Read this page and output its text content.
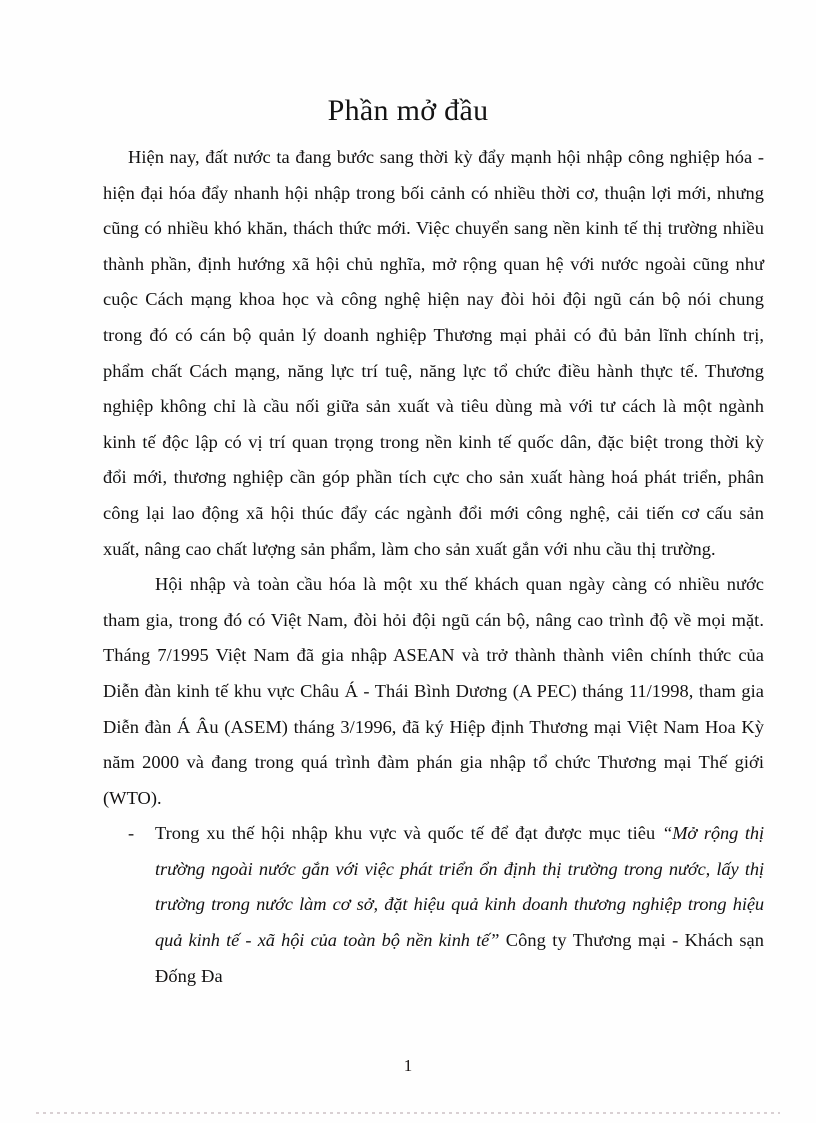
Phần mở đầu

Hiện nay, đất nước ta đang bước sang thời kỳ đẩy mạnh hội nhập công nghiệp hóa - hiện đại hóa đẩy nhanh hội nhập trong bối cảnh có nhiều thời cơ, thuận lợi mới, nhưng cũng có nhiều khó khăn, thách thức mới. Việc chuyển sang nền kinh tế thị trường nhiều thành phần, định hướng xã hội chủ nghĩa, mở rộng quan hệ với nước ngoài cũng như cuộc Cách mạng khoa học và công nghệ hiện nay đòi hỏi đội ngũ cán bộ nói chung trong đó có cán bộ quản lý doanh nghiệp Thương mại phải có đủ bản lĩnh chính trị, phẩm chất Cách mạng, năng lực trí tuệ, năng lực tổ chức điều hành thực tế. Thương nghiệp không chỉ là cầu nối giữa sản xuất và tiêu dùng mà với tư cách là một ngành kinh tế độc lập có vị trí quan trọng trong nền kinh tế quốc dân, đặc biệt trong thời kỳ đổi mới, thương nghiệp cần góp phần tích cực cho sản xuất hàng hoá phát triển, phân công lại lao động xã hội thúc đẩy các ngành đổi mới công nghệ, cải tiến cơ cấu sản xuất, nâng cao chất lượng sản phẩm, làm cho sản xuất gắn với nhu cầu thị trường.

Hội nhập và toàn cầu hóa là một xu thế khách quan ngày càng có nhiều nước tham gia, trong đó có Việt Nam, đòi hỏi đội ngũ cán bộ, nâng cao trình độ về mọi mặt. Tháng 7/1995 Việt Nam đã gia nhập ASEAN và trở thành thành viên chính thức của Diễn đàn kinh tế khu vực Châu Á - Thái Bình Dương (A PEC) tháng 11/1998, tham gia Diễn đàn Á Âu (ASEM) tháng 3/1996, đã ký Hiệp định Thương mại Việt Nam Hoa Kỳ năm 2000 và đang trong quá trình đàm phán gia nhập tổ chức Thương mại Thế giới (WTO).

- Trong xu thế hội nhập khu vực và quốc tế để đạt được mục tiêu “Mở rộng thị trường ngoài nước gắn với việc phát triển ổn định thị trường trong nước, lấy thị trường trong nước làm cơ sở, đặt hiệu quả kinh doanh thương nghiệp trong hiệu quả kinh tế - xã hội của toàn bộ nền kinh tế” Công ty Thương mại - Khách sạn Đống Đa

1
